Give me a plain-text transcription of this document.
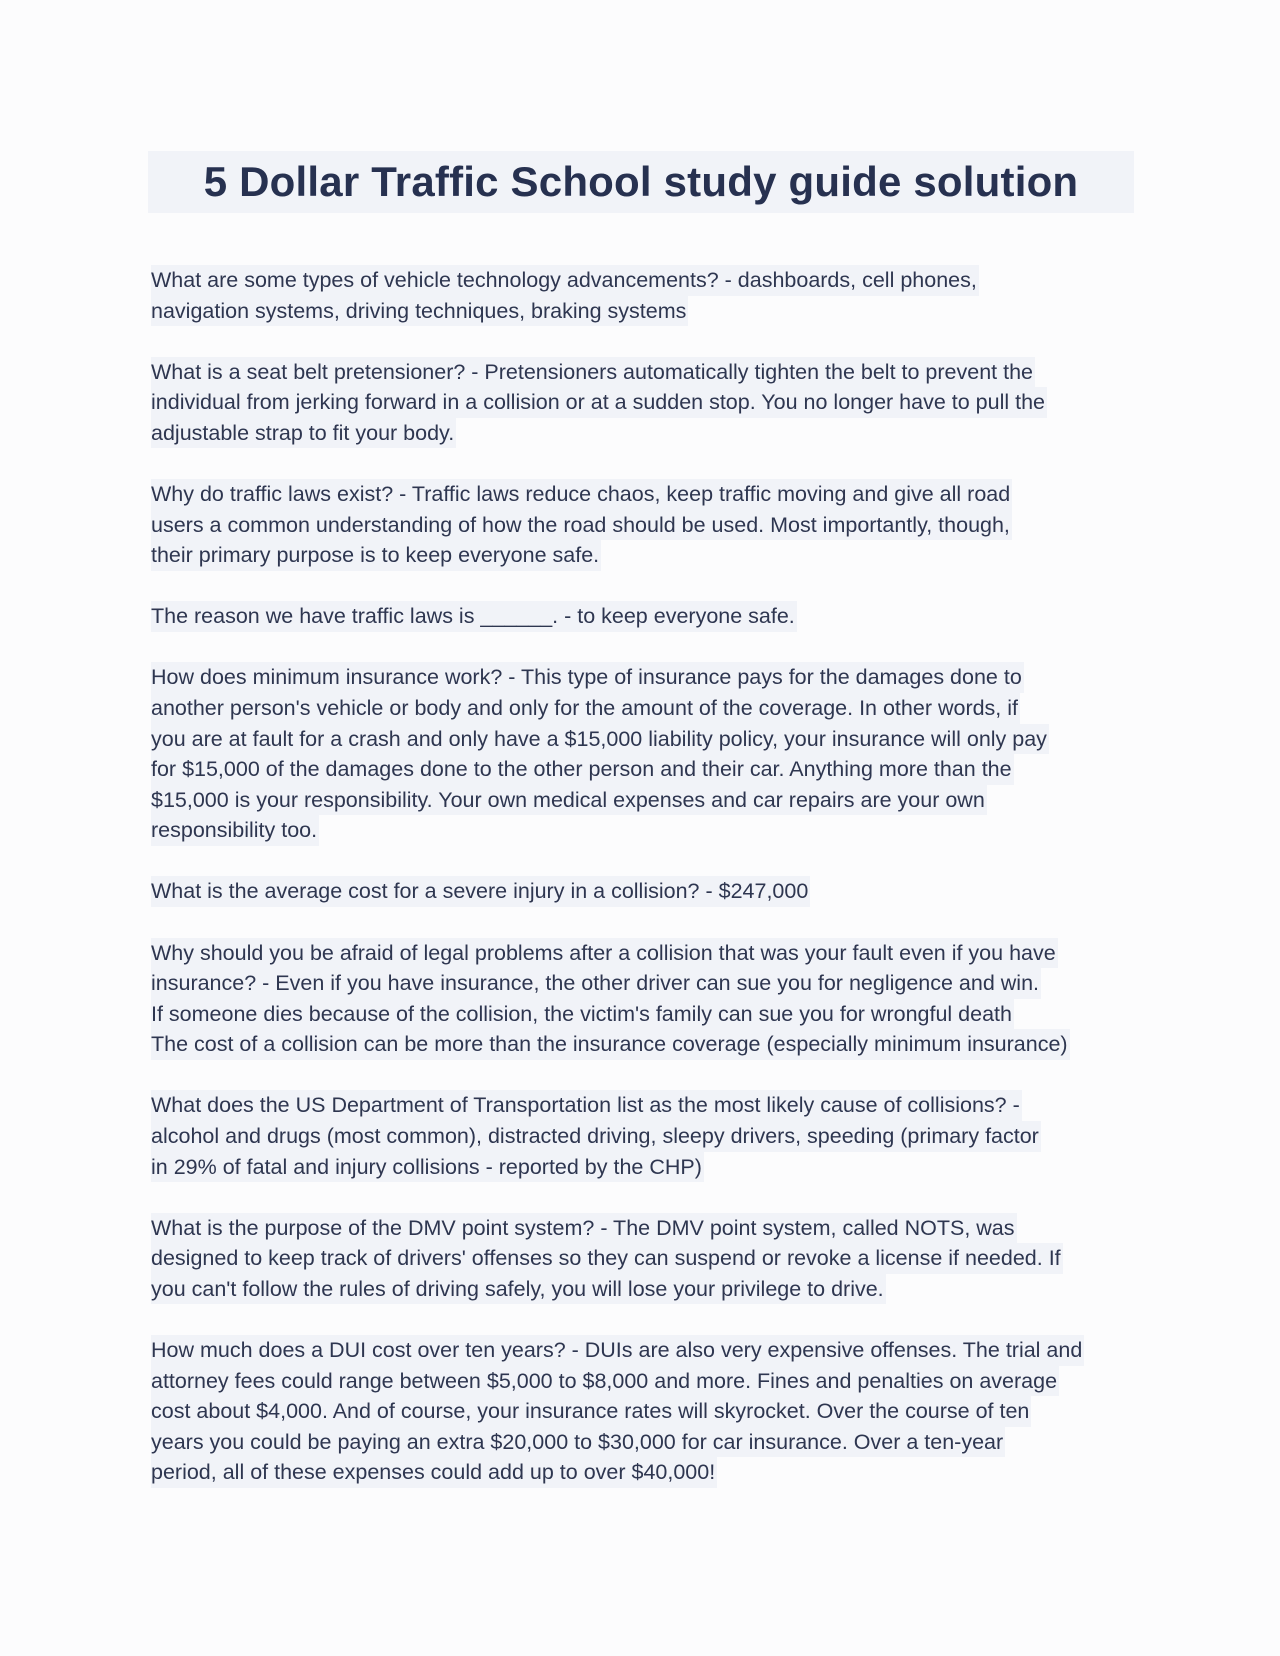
5 Dollar Traffic School study guide solution
What are some types of vehicle technology advancements? - dashboards, cell phones,
navigation systems, driving techniques, braking systems
What is a seat belt pretensioner? - Pretensioners automatically tighten the belt to prevent the
individual from jerking forward in a collision or at a sudden stop. You no longer have to pull the
adjustable strap to fit your body.
Why do traffic laws exist? - Traffic laws reduce chaos, keep traffic moving and give all road
users a common understanding of how the road should be used. Most importantly, though,
their primary purpose is to keep everyone safe.
The reason we have traffic laws is ______. - to keep everyone safe.
How does minimum insurance work? - This type of insurance pays for the damages done to
another person's vehicle or body and only for the amount of the coverage. In other words, if
you are at fault for a crash and only have a $15,000 liability policy, your insurance will only pay
for $15,000 of the damages done to the other person and their car. Anything more than the
$15,000 is your responsibility. Your own medical expenses and car repairs are your own
responsibility too.
What is the average cost for a severe injury in a collision? - $247,000
Why should you be afraid of legal problems after a collision that was your fault even if you have
insurance? - Even if you have insurance, the other driver can sue you for negligence and win.
If someone dies because of the collision, the victim's family can sue you for wrongful death
The cost of a collision can be more than the insurance coverage (especially minimum insurance)
What does the US Department of Transportation list as the most likely cause of collisions? -
alcohol and drugs (most common), distracted driving, sleepy drivers, speeding (primary factor
in 29% of fatal and injury collisions - reported by the CHP)
What is the purpose of the DMV point system? - The DMV point system, called NOTS, was
designed to keep track of drivers' offenses so they can suspend or revoke a license if needed. If
you can't follow the rules of driving safely, you will lose your privilege to drive.
How much does a DUI cost over ten years? - DUIs are also very expensive offenses. The trial and
attorney fees could range between $5,000 to $8,000 and more. Fines and penalties on average
cost about $4,000. And of course, your insurance rates will skyrocket. Over the course of ten
years you could be paying an extra $20,000 to $30,000 for car insurance. Over a ten-year
period, all of these expenses could add up to over $40,000!
